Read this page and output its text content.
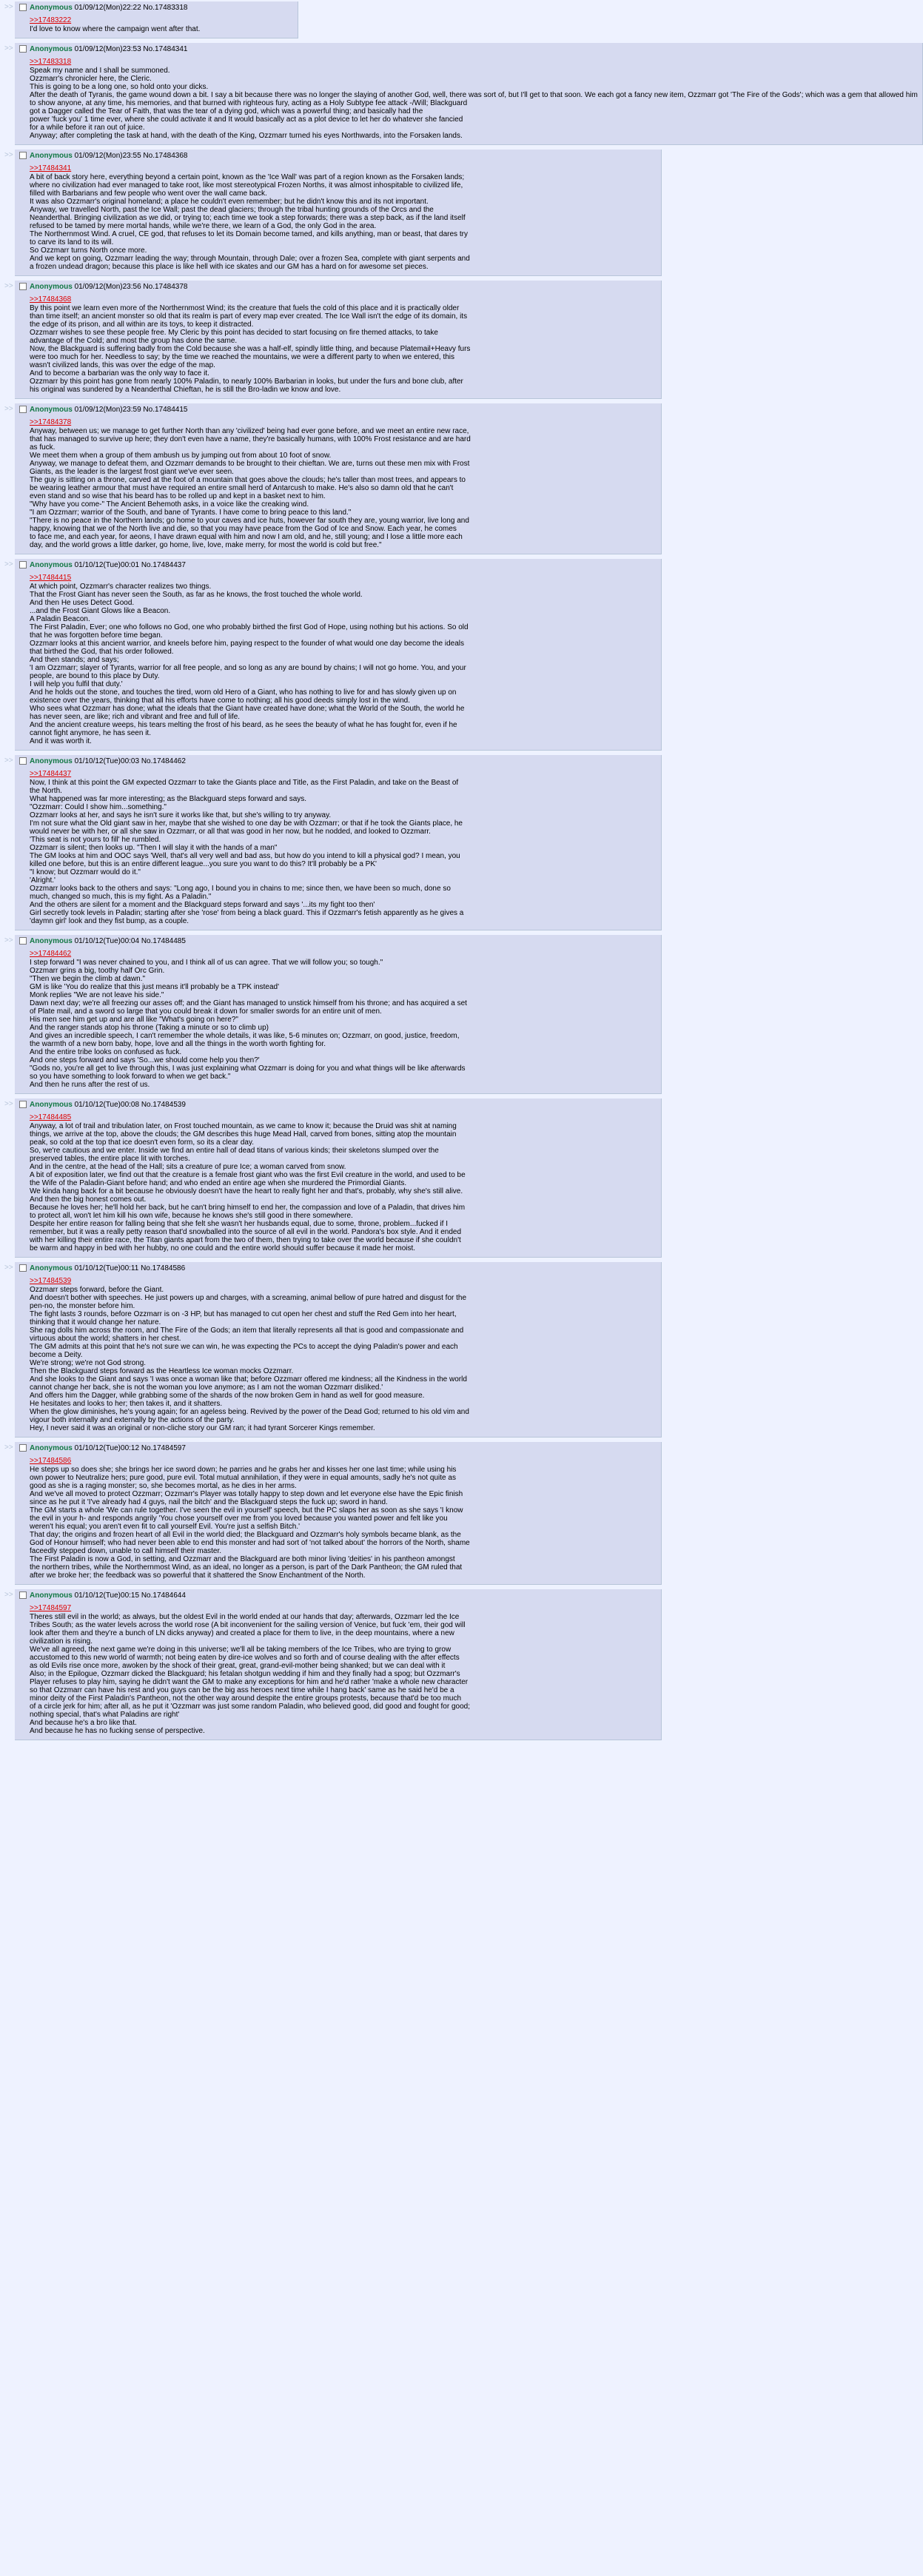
>>	Anonymous 01/09/12(Mon)22:22 No.17483318
>>17483222
I'd love to know where the campaign went after that.
>>	Anonymous 01/09/12(Mon)23:53 No.17484341
>>17483318
Speak my name and I shall be summoned.
Ozzmarr's chronicler here, the Cleric.
This is going to be a long one, so hold onto your dicks.
After the death of Tyranis, the game wound down a bit. I say a bit because there was no longer the slaying of another God, well, there was sort of, but I'll get to that soon. We each got a fancy new item, Ozzmarr got 'The Fire of the Gods'; which was a gem that allowed him
to show anyone, at any time, his memories, and that burned with righteous fury, acting as a Holy Subtype fee attack -/Will; Blackguard
got a Dagger called the Tear of Faith, that was the tear of a dying god, which was a powerful thing; and basically had the
power 'fuck you' 1 time ever, where she could activate it and It would basically act as a plot device to let her do whatever she fancied
for a while before it ran out of juice.
Anyway; after completing the task at hand, with the death of the King, Ozzmarr turned his eyes Northwards, into the Forsaken lands.
>>	Anonymous 01/09/12(Mon)23:55 No.17484368
>>17484341
A bit of back story here, everything beyond a certain point, known as the 'Ice Wall' was part of a region known as the Forsaken lands;
where no civilization had ever managed to take root, like most stereotypical Frozen Norths, it was almost inhospitable to civilized life,
filled with Barbarians and few people who went over the wall came back.
It was also Ozzmarr's original homeland; a place he couldn't even remember; but he didn't know this and its not important.
Anyway, we travelled North, past the Ice Wall; past the dead glaciers; through the tribal hunting grounds of the Orcs and the
Neanderthal. Bringing civilization as we did, or trying to; each time we took a step forwards; there was a step back, as if the land itself
refused to be tamed by mere mortal hands, while we're there, we learn of a God, the only God in the area.
The Northernmost Wind. A cruel, CE god, that refuses to let its Domain become tamed, and kills anything, man or beast, that dares try
to carve its land to its will.
So Ozzmarr turns North once more.
And we kept on going, Ozzmarr leading the way; through Mountain, through Dale; over a frozen Sea, complete with giant serpents and
a frozen undead dragon; because this place is like hell with ice skates and our GM has a hard on for awesome set pieces.
>>	Anonymous 01/09/12(Mon)23:56 No.17484378
>>17484368
By this point we learn even more of the Northernmost Wind; its the creature that fuels the cold of this place and it is practically older
than time itself; an ancient monster so old that its realm is part of every map ever created. The Ice Wall isn't the edge of its domain, its
the edge of its prison, and all within are its toys, to keep it distracted.
Ozzmarr wishes to see these people free. My Cleric by this point has decided to start focusing on fire themed attacks, to take
advantage of the Cold; and most the group has done the same.
Now, the Blackguard is suffering badly from the Cold because she was a half-elf, spindly little thing, and because Platemail+Heavy furs
were too much for her. Needless to say; by the time we reached the mountains, we were a different party to when we entered, this
wasn't civilized lands, this was over the edge of the map.
And to become a barbarian was the only way to face it.
Ozzmarr by this point has gone from nearly 100% Paladin, to nearly 100% Barbarian in looks, but under the furs and bone club, after
his original was sundered by a Neanderthal Chieftan, he is still the Bro-ladin we know and love.
>>	Anonymous 01/09/12(Mon)23:59 No.17484415
>>17484378
Anyway, between us; we manage to get further North than any 'civilized' being had ever gone before, and we meet an entire new race,
that has managed to survive up here; they don't even have a name, they're basically humans, with 100% Frost resistance and are hard
as fuck.
We meet them when a group of them ambush us by jumping out from about 10 foot of snow.
Anyway, we manage to defeat them, and Ozzmarr demands to be brought to their chieftan. We are, turns out these men mix with Frost
Giants, as the leader is the largest frost giant we've ever seen.
The guy is sitting on a throne, carved at the foot of a mountain that goes above the clouds; he's taller than most trees, and appears to
be wearing leather armour that must have required an entire small herd of Antarcush to make. He's also so damn old that he can't
even stand and so wise that his beard has to be rolled up and kept in a basket next to him.
"Why have you come-" The Ancient Behemoth asks, in a voice like the creaking wind.
"I am Ozzmarr; warrior of the South, and bane of Tyrants. I have come to bring peace to this land."
"There is no peace in the Northern lands; go home to your caves and ice huts, however far south they are, young warrior, live long and
happy, knowing that we of the North live and die, so that you may have peace from the God of Ice and Snow. Each year, he comes
to face me, and each year, for aeons, I have drawn equal with him and now I am old, and he, still young; and I lose a little more each
day, and the world grows a little darker, go home, live, love, make merry, for most the world is cold but free."
>>	Anonymous 01/10/12(Tue)00:01 No.17484437
>>17484415
At which point, Ozzmarr's character realizes two things.
That the Frost Giant has never seen the South, as far as he knows, the frost touched the whole world.
And then He uses Detect Good.
...and the Frost Giant Glows like a Beacon.
A Paladin Beacon.
The First Paladin, Ever; one who follows no God, one who probably birthed the first God of Hope, using nothing but his actions. So old
that he was forgotten before time began.
Ozzmarr looks at this ancient warrior, and kneels before him, paying respect to the founder of what would one day become the ideals
that birthed the God, that his order followed.
And then stands; and says;
'I am Ozzmarr; slayer of Tyrants, warrior for all free people, and so long as any are bound by chains; I will not go home. You, and your
people, are bound to this place by Duty.
I will help you fulfil that duty.'
And he holds out the stone, and touches the tired, worn old Hero of a Giant, who has nothing to live for and has slowly given up on
existence over the years, thinking that all his efforts have come to nothing; all his good deeds simply lost in the wind.
Who sees what Ozzmarr has done; what the ideals that the Giant have created have done; what the World of the South, the world he
has never seen, are like; rich and vibrant and free and full of life.
And the ancient creature weeps, his tears melting the frost of his beard, as he sees the beauty of what he has fought for, even if he
cannot fight anymore, he has seen it.
And it was worth it.
>>	Anonymous 01/10/12(Tue)00:03 No.17484462
>>17484437
Now, I think at this point the GM expected Ozzmarr to take the Giants place and Title, as the First Paladin, and take on the Beast of
the North.
What happened was far more interesting; as the Blackguard steps forward and says.
"Ozzmarr: Could I show him...something."
Ozzmarr looks at her, and says he isn't sure it works like that, but she's willing to try anyway.
I'm not sure what the Old giant saw in her, maybe that she wished to one day be with Ozzmarr; or that if he took the Giants place, he
would never be with her, or all she saw in Ozzmarr, or all that was good in her now, but he nodded, and looked to Ozzmarr.
'This seat is not yours to fill' he rumbled.
Ozzmarr is silent; then looks up. "Then I will slay it with the hands of a man"
The GM looks at him and OOC says 'Well, that's all very well and bad ass, but how do you intend to kill a physical god? I mean, you
killed one before, but this is an entire different league...you sure you want to do this? It'll probably be a PK'
"I know; but Ozzmarr would do it."
'Alright.'
Ozzmarr looks back to the others and says: "Long ago, I bound you in chains to me; since then, we have been so much, done so
much, changed so much, this is my fight. As a Paladin."
And the others are silent for a moment and the Blackguard steps forward and says '...its my fight too then'
Girl secretly took levels in Paladin; starting after she 'rose' from being a black guard. This if Ozzmarr's fetish apparently as he gives a
'daymn girl' look and they fist bump, as a couple.
>>	Anonymous 01/10/12(Tue)00:04 No.17484485
>>17484462
I step forward "I was never chained to you, and I think all of us can agree. That we will follow you; so tough."
Ozzmarr grins a big, toothy half Orc Grin.
"Then we begin the climb at dawn."
GM is like 'You do realize that this just means it'll probably be a TPK instead'
Monk replies "We are not leave his side."
Dawn next day; we're all freezing our asses off; and the Giant has managed to unstick himself from his throne; and has acquired a set
of Plate mail, and a sword so large that you could break it down for smaller swords for an entire unit of men.
His men see him get up and are all like "What's going on here?"
And the ranger stands atop his throne (Taking a minute or so to climb up)
And gives an incredible speech, I can't remember the whole details, it was like, 5-6 minutes on; Ozzmarr, on good, justice, freedom,
the warmth of a new born baby, hope, love and all the things in the worth worth fighting for.
And the entire tribe looks on confused as fuck.
And one steps forward and says 'So...we should come help you then?'
"Gods no, you're all get to live through this, I was just explaining what Ozzmarr is doing for you and what things will be like afterwards
so you have something to look forward to when we get back."
And then he runs after the rest of us.
>>	Anonymous 01/10/12(Tue)00:08 No.17484539
>>17484485
Anyway, a lot of trail and tribulation later, on Frost touched mountain, as we came to know it; because the Druid was shit at naming
things, we arrive at the top, above the clouds; the GM describes this huge Mead Hall, carved from bones, sitting atop the mountain
peak, so cold at the top that ice doesn't even form, so its a clear day.
So, we're cautious and we enter. Inside we find an entire hall of dead titans of various kinds; their skeletons slumped over the
preserved tables, the entire place lit with torches.
And in the centre, at the head of the Hall; sits a creature of pure Ice; a woman carved from snow.
A bit of exposition later, we find out that the creature is a female frost giant who was the first Evil creature in the world, and used to be
the Wife of the Paladin-Giant before hand; and who ended an entire age when she murdered the Primordial Giants.
We kinda hang back for a bit because he obviously doesn't have the heart to really fight her and that's, probably, why she's still alive.
And then the big honest comes out.
Because he loves her; he'll hold her back, but he can't bring himself to end her, the compassion and love of a Paladin, that drives him
to protect all, won't let him kill his own wife, because he knows she's still good in there somewhere.
Despite her entire reason for falling being that she felt she wasn't her husbands equal, due to some, throne, problem...fucked if I
remember, but it was a really petty reason that'd snowballed into the source of all evil in the world. Pandora's box style. And it ended
with her killing their entire race, the Titan giants apart from the two of them, then trying to take over the world because if she couldn't
be warm and happy in bed with her hubby, no one could and the entire world should suffer because it made her moist.
>>	Anonymous 01/10/12(Tue)00:11 No.17484586
>>17484539
Ozzmarr steps forward, before the Giant.
And doesn't bother with speeches. He just powers up and charges, with a screaming, animal bellow of pure hatred and disgust for the
pen-no, the monster before him.
The fight lasts 3 rounds, before Ozzmarr is on -3 HP, but has managed to cut open her chest and stuff the Red Gem into her heart,
thinking that it would change her nature.
She rag dolls him across the room, and The Fire of the Gods; an item that literally represents all that is good and compassionate and
virtuous about the world; shatters in her chest.
The GM admits at this point that he's not sure we can win, he was expecting the PCs to accept the dying Paladin's power and each
become a Deity.
We're strong; we're not God strong.
Then the Blackguard steps forward as the Heartless Ice woman mocks Ozzmarr.
And she looks to the Giant and says 'I was once a woman like that; before Ozzmarr offered me kindness; all the Kindness in the world
cannot change her back, she is not the woman you love anymore; as I am not the woman Ozzmarr disliked.'
And offers him the Dagger, while grabbing some of the shards of the now broken Gem in hand as well for good measure.
He hesitates and looks to her; then takes it, and it shatters.
When the glow diminishes, he's young again; for an ageless being. Revived by the power of the Dead God; returned to his old vim and
vigour both internally and externally by the actions of the party.
Hey, I never said it was an original or non-cliche story our GM ran; it had tyrant Sorcerer Kings remember.
>>	Anonymous 01/10/12(Tue)00:12 No.17484597
>>17484586
He steps up so does she; she brings her ice sword down; he parries and he grabs her and kisses her one last time; while using his
own power to Neutralize hers; pure good, pure evil. Total mutual annihilation, if they were in equal amounts, sadly he's not quite as
good as she is a raging monster; so, she becomes mortal, as he dies in her arms.
And we've all moved to protect Ozzmarr; Ozzmarr's Player was totally happy to step down and let everyone else have the Epic finish
since as he put it 'I've already had 4 guys, nail the bitch' and the Blackguard steps the fuck up; sword in hand.
The GM starts a whole 'We can rule together. I've seen the evil in yourself' speech, but the PC slaps her as soon as she says 'I know
the evil in your h- and responds angrily 'You chose yourself over me from you loved because you wanted power and felt like you
weren't his equal; you aren't even fit to call yourself Evil. You're just a selfish Bitch.'
That day; the origins and frozen heart of all Evil in the world died; the Blackguard and Ozzmarr's holy symbols became blank, as the
God of Honour himself; who had never been able to end this monster and had sort of 'not talked about' the horrors of the North, shame
faceedly stepped down, unable to call himself their master.
The First Paladin is now a God, in setting, and Ozzmarr and the Blackguard are both minor living 'deities' in his pantheon amongst
the northern tribes, while the Northernmost Wind, as an ideal, no longer as a person, is part of the Dark Pantheon; the GM ruled that
after we broke her; the feedback was so powerful that it shattered the Snow Enchantment of the North.
>>	Anonymous 01/10/12(Tue)00:15 No.17484644
>>17484597
Theres still evil in the world; as always, but the oldest Evil in the world ended at our hands that day; afterwards, Ozzmarr led the Ice
Tribes South; as the water levels across the world rose (A bit inconvenient for the sailing version of Venice, but fuck 'em, their god will
look after them and they're a bunch of LN dicks anyway) and created a place for them to live, in the deep mountains, where a new
civilization is rising.
We've all agreed, the next game we're doing in this universe; we'll all be taking members of the Ice Tribes, who are trying to grow
accustomed to this new world of warmth; not being eaten by dire-ice wolves and so forth and of course dealing with the after effects
as old Evils rise once more, awoken by the shock of their great, great, grand-evil-mother being shanked; but we can deal with it
Also; in the Epilogue, Ozzmarr dicked the Blackguard; his fetalan shotgun wedding if him and they finally had a spog; but Ozzmarr's
Player refuses to play him, saying he didn't want the GM to make any exceptions for him and he'd rather 'make a whole new character
so that Ozzmarr can have his rest and you guys can be the big ass heroes next time while I hang back' same as he said he'd be a
minor deity of the First Paladin's Pantheon, not the other way around despite the entire groups protests, because that'd be too much
of a circle jerk for him; after all, as he put it 'Ozzmarr was just some random Paladin, who believed good, did good and fought for good;
nothing special, that's what Paladins are right'
And because he's a bro like that.
And because he has no fucking sense of perspective.
